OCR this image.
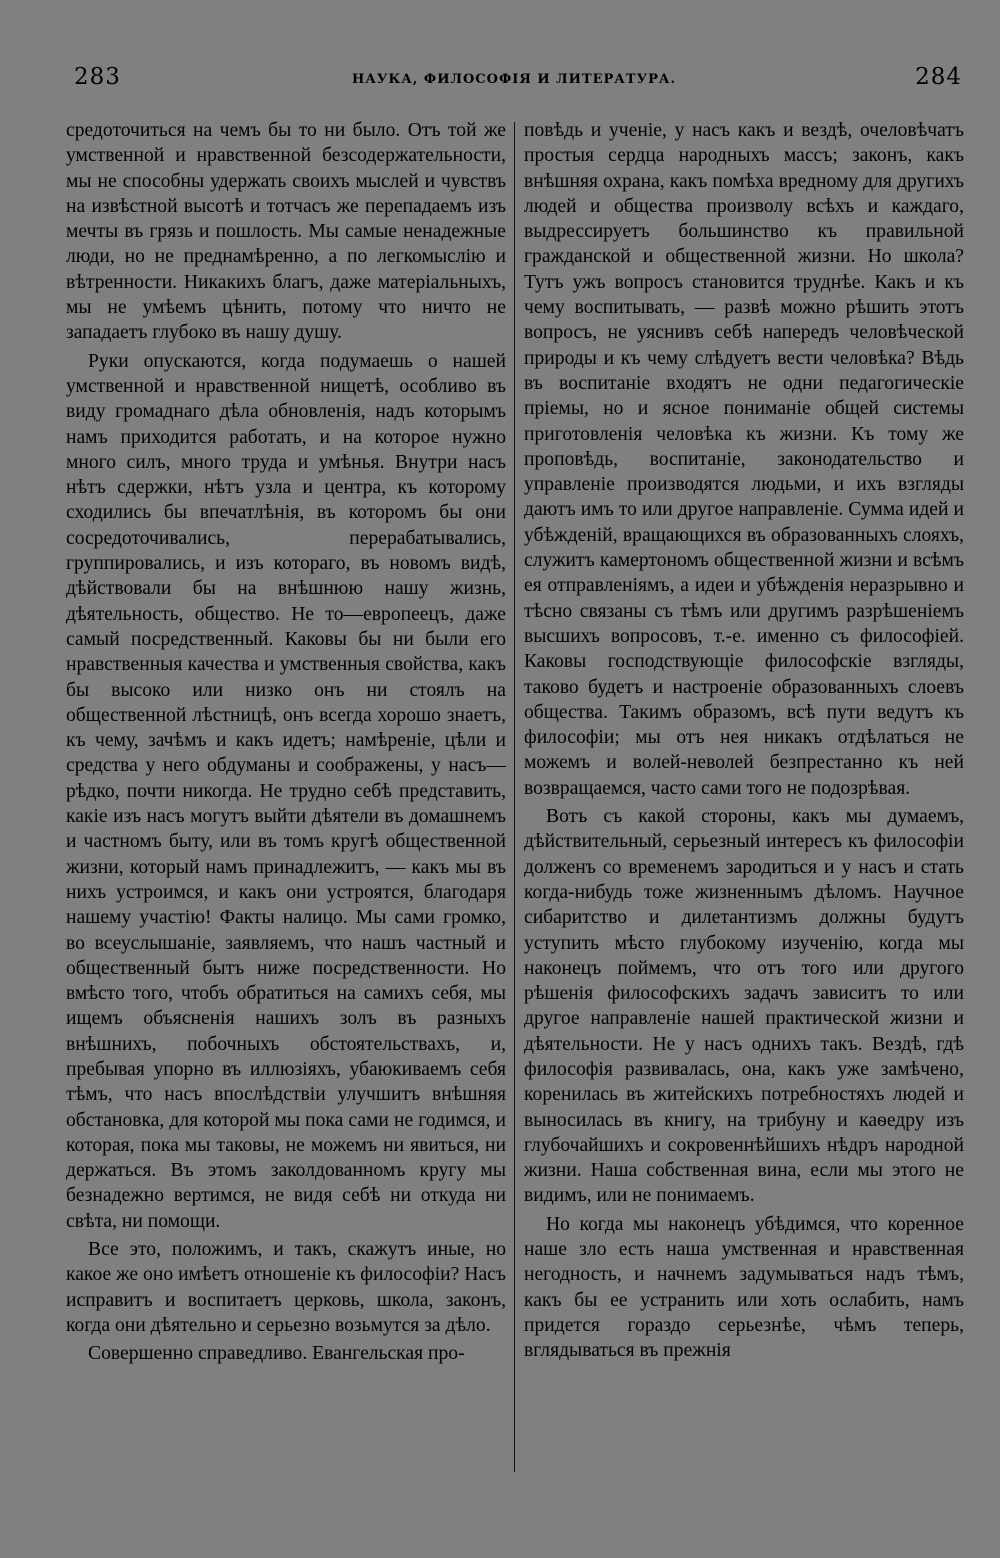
283	НАУКА, ФИЛОСОФІЯ И ЛИТЕРАТУРА.	284

средоточиться на чемъ бы то ни было. Отъ той же умственной и нравственной безсодержательности, мы не способны удержать своихъ мыслей и чувствъ на извѣстной высотѣ и тотчасъ же перепадаемъ изъ мечты въ грязь и пошлость. Мы самые ненадежные люди, но не преднамѣренно, а по легкомыслію и вѣтренности. Никакихъ благъ, даже матеріальныхъ, мы не умѣемъ цѣнить, потому что ничто не западаетъ глубоко въ нашу душу.

Руки опускаются, когда подумаешь о нашей умственной и нравственной нищетѣ, особливо въ виду громаднаго дѣла обновленія, надъ которымъ намъ приходится работать, и на которое нужно много силъ, много труда и умѣнья. Внутри насъ нѣтъ сдержки, нѣтъ узла и центра, къ которому сходились бы впечатлѣнія, въ которомъ бы они сосредоточивались, перерабатывались, группировались, и изъ котораго, въ новомъ видѣ, дѣйствовали бы на внѣшнюю нашу жизнь, дѣятельность, общество. Не то—европеецъ, даже самый посредственный. Каковы бы ни были его нравственныя качества и умственныя свойства, какъ бы высоко или низко онъ ни стоялъ на общественной лѣстницѣ, онъ всегда хорошо знаетъ, къ чему, зачѣмъ и какъ идетъ; намѣреніе, цѣли и средства у него обдуманы и соображены, у насъ—рѣдко, почти никогда. Не трудно себѣ представить, какіе изъ насъ могутъ выйти дѣятели въ домашнемъ и частномъ быту, или въ томъ кругѣ общественной жизни, который намъ принадлежитъ, — какъ мы въ нихъ устроимся, и какъ они устроятся, благодаря нашему участію! Факты налицо. Мы сами громко, во всеуслышаніе, заявляемъ, что нашъ частный и общественный бытъ ниже посредственности. Но вмѣсто того, чтобъ обратиться на самихъ себя, мы ищемъ объясненія нашихъ золъ въ разныхъ внѣшнихъ, побочныхъ обстоятельствахъ, и, пребывая упорно въ иллюзіяхъ, убаюкиваемъ себя тѣмъ, что насъ впослѣдствіи улучшитъ внѣшняя обстановка, для которой мы пока сами не годимся, и которая, пока мы таковы, не можемъ ни явиться, ни держаться. Въ этомъ заколдованномъ кругу мы безнадежно вертимся, не видя себѣ ни откуда ни свѣта, ни помощи.

Все это, положимъ, и такъ, скажутъ иные, но какое же оно имѣетъ отношеніе къ философіи? Насъ исправитъ и воспитаетъ церковь, школа, законъ, когда они дѣятельно и серьезно возьмутся за дѣло.

Совершенно справедливо. Евангельская про-

повѣдь и ученіе, у насъ какъ и вездѣ, очеловѣчатъ простыя сердца народныхъ массъ; законъ, какъ внѣшняя охрана, какъ помѣха вредному для другихъ людей и общества произволу всѣхъ и каждаго, выдрессируетъ большинство къ правильной гражданской и общественной жизни. Но школа? Тутъ ужъ вопросъ становится труднѣе. Какъ и къ чему воспитывать, — развѣ можно рѣшить этотъ вопросъ, не уяснивъ себѣ напередъ человѣческой природы и къ чему слѣдуетъ вести человѣка? Вѣдь въ воспитаніе входятъ не одни педагогическіе пріемы, но и ясное пониманіе общей системы приготовленія человѣка къ жизни. Къ тому же проповѣдь, воспитаніе, законодательство и управленіе производятся людьми, и ихъ взгляды даютъ имъ то или другое направленіе. Сумма идей и убѣжденій, вращающихся въ образованныхъ слояхъ, служитъ камертономъ общественной жизни и всѣмъ ея отправленіямъ, а идеи и убѣжденія неразрывно и тѣсно связаны съ тѣмъ или другимъ разрѣшеніемъ высшихъ вопросовъ, т.-е. именно съ философіей. Каковы господствующіе философскіе взгляды, таково будетъ и настроеніе образованныхъ слоевъ общества. Такимъ образомъ, всѣ пути ведутъ къ философіи; мы отъ нея никакъ отдѣлаться не можемъ и волей-неволей безпрестанно къ ней возвращаемся, часто сами того не подозрѣвая.

Вотъ съ какой стороны, какъ мы думаемъ, дѣйствительный, серьезный интересъ къ философіи долженъ со временемъ зародиться и у насъ и стать когда-нибудь тоже жизненнымъ дѣломъ. Научное сибаритство и дилетантизмъ должны будутъ уступить мѣсто глубокому изученію, когда мы наконецъ поймемъ, что отъ того или другого рѣшенія философскихъ задачъ зависитъ то или другое направленіе нашей практической жизни и дѣятельности. Не у насъ однихъ такъ. Вездѣ, гдѣ философія развивалась, она, какъ уже замѣчено, коренилась въ житейскихъ потребностяхъ людей и выносилась въ книгу, на трибуну и каѳедру изъ глубочайшихъ и сокровеннѣйшихъ нѣдръ народной жизни. Наша собственная вина, если мы этого не видимъ, или не понимаемъ.

Но когда мы наконецъ убѣдимся, что коренное наше зло есть наша умственная и нравственная негодность, и начнемъ задумываться надъ тѣмъ, какъ бы ее устранить или хоть ослабить, намъ придется гораздо серьезнѣе, чѣмъ теперь, вглядываться въ прежнія
